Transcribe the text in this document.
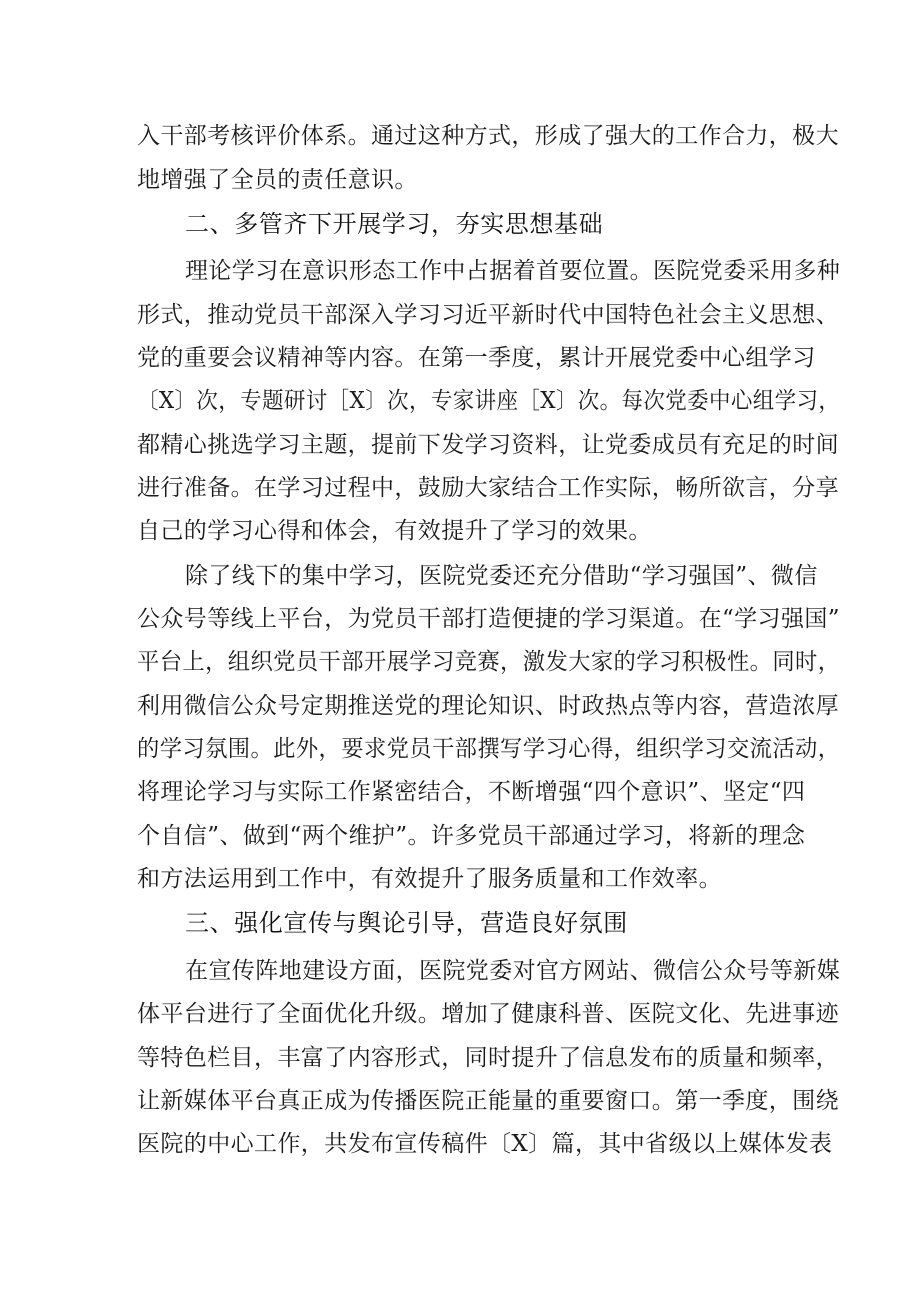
入干部考核评价体系。通过这种方式，形成了强大的工作合力，极大
地增强了全员的责任意识。
二、多管齐下开展学习，夯实思想基础
理论学习在意识形态工作中占据着首要位置。医院党委采用多种
形式，推动党员干部深入学习习近平新时代中国特色社会主义思想、
党的重要会议精神等内容。在第一季度，累计开展党委中心组学习
〔X〕次，专题研讨［X〕次，专家讲座［X〕次。每次党委中心组学习，
都精心挑选学习主题，提前下发学习资料，让党委成员有充足的时间
进行准备。在学习过程中，鼓励大家结合工作实际，畅所欲言，分享
自己的学习心得和体会，有效提升了学习的效果。
除了线下的集中学习，医院党委还充分借助“学习强国”、微信
公众号等线上平台，为党员干部打造便捷的学习渠道。在“学习强国”
平台上，组织党员干部开展学习竞赛，激发大家的学习积极性。同时，
利用微信公众号定期推送党的理论知识、时政热点等内容，营造浓厚
的学习氛围。此外，要求党员干部撰写学习心得，组织学习交流活动，
将理论学习与实际工作紧密结合，不断增强“四个意识”、坚定“四
个自信”、做到“两个维护”。许多党员干部通过学习，将新的理念
和方法运用到工作中，有效提升了服务质量和工作效率。
三、强化宣传与舆论引导，营造良好氛围
在宣传阵地建设方面，医院党委对官方网站、微信公众号等新媒
体平台进行了全面优化升级。增加了健康科普、医院文化、先进事迹
等特色栏目，丰富了内容形式，同时提升了信息发布的质量和频率，
让新媒体平台真正成为传播医院正能量的重要窗口。第一季度，围绕
医院的中心工作，共发布宣传稿件〔X〕篇，其中省级以上媒体发表
